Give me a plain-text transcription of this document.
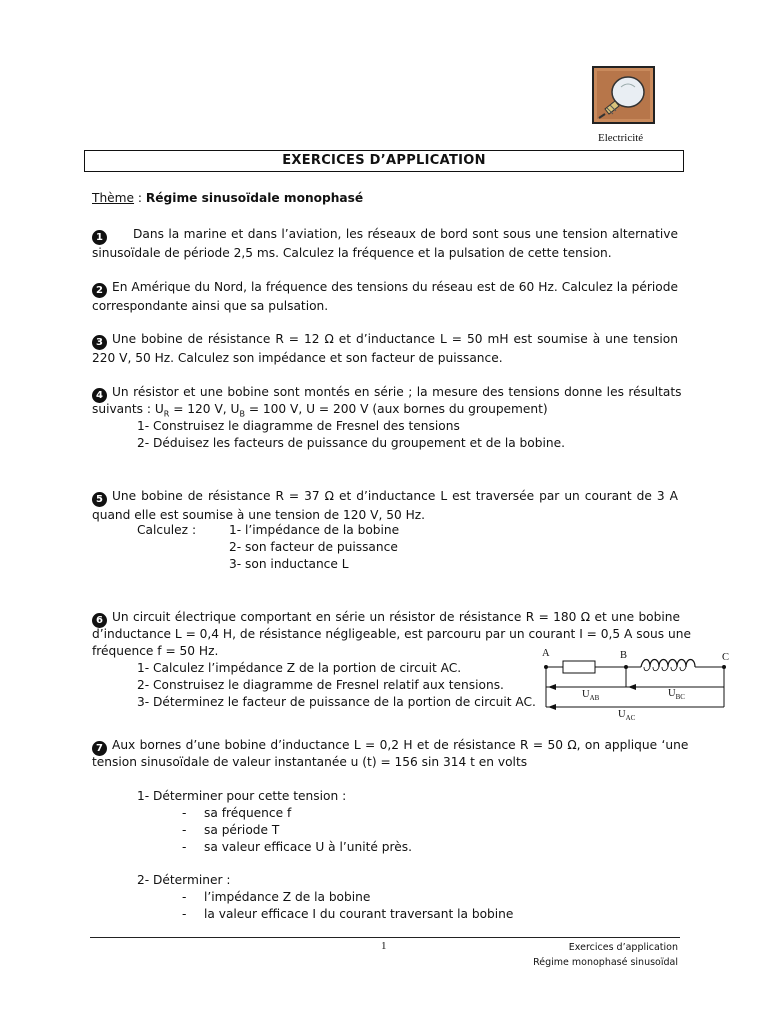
Electricité
EXERCICES D’APPLICATION
Thème : Régime sinusoïdale monophasé
1 Dans la marine et dans l’aviation, les réseaux de bord sont sous une tension alternative sinusoïdale de période 2,5 ms. Calculez la fréquence et la pulsation de cette tension.
2 En Amérique du Nord, la fréquence des tensions du réseau est de 60 Hz. Calculez la période correspondante ainsi que sa pulsation.
3 Une bobine de résistance R = 12 Ω et d’inductance L = 50 mH est soumise à une tension 220 V, 50 Hz. Calculez son impédance et son facteur de puissance.
4 Un résistor et une bobine sont montés en série ; la mesure des tensions donne les résultats
suivants : $U_R = 120$ V, $U_B = 100$ V, U = 200 V (aux bornes du groupement)
1- Construisez le diagramme de Fresnel des tensions
2- Déduisez les facteurs de puissance du groupement et de la bobine.
5 Une bobine de résistance R = 37 Ω et d’inductance L est traversée par un courant de 3 A quand elle est soumise à une tension de 120 V, 50 Hz.
Calculez :	1- l’impédance de la bobine
2- son facteur de puissance
3- son inductance L
6 Un circuit électrique comportant en série un résistor de résistance R = 180 Ω et une bobine
d’inductance L = 0,4 H, de résistance négligeable, est parcouru par un courant I = 0,5 A sous une
fréquence f = 50 Hz.
1- Calculez l’impédance Z de la portion de circuit AC.
2- Construisez le diagramme de Fresnel relatif aux tensions.
3- Déterminez le facteur de puissance de la portion de circuit AC.
A	B	C
$U_{AB}$	$U_{BC}$
$U_{AC}$
7 Aux bornes d’une bobine d’inductance L = 0,2 H et de résistance R = 50 Ω, on applique ‘une
tension sinusoïdale de valeur instantanée u (t) = 156 sin 314 t en volts
1- Déterminer pour cette tension :
- sa fréquence f
- sa période T
- sa valeur efficace U à l’unité près.
2- Déterminer :
- l’impédance Z de la bobine
- la valeur efficace I du courant traversant la bobine
1	Exercices d’application
Régime monophasé sinusoïdal
